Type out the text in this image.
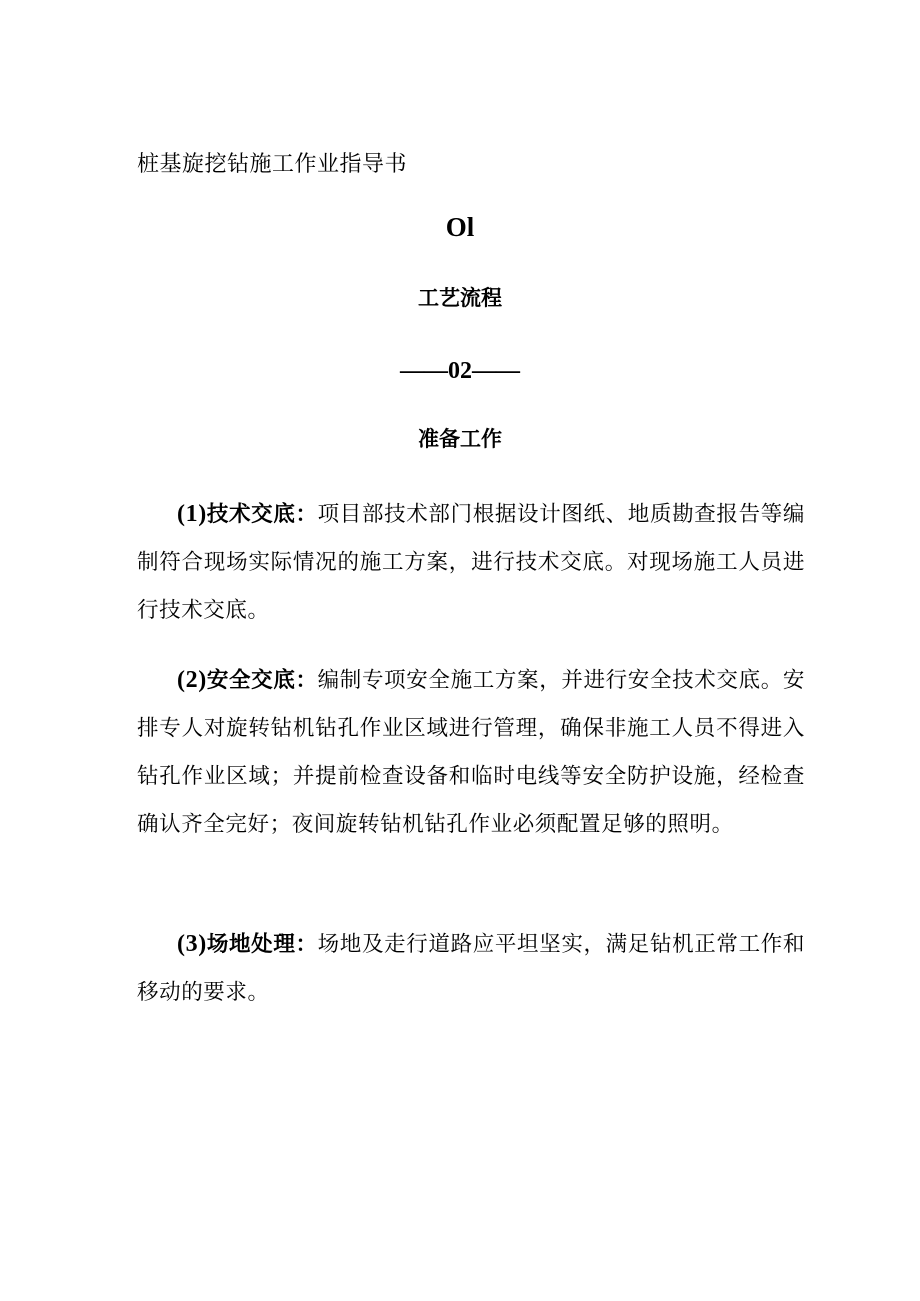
桩基旋挖钻施工作业指导书
Ol
工艺流程
——02——
准备工作

(1)技术交底：项目部技术部门根据设计图纸、地质勘查报告等编制符合现场实际情况的施工方案，进行技术交底。对现场施工人员进行技术交底。

(2)安全交底：编制专项安全施工方案，并进行安全技术交底。安排专人对旋转钻机钻孔作业区域进行管理，确保非施工人员不得进入钻孔作业区域；并提前检查设备和临时电线等安全防护设施，经检查确认齐全完好；夜间旋转钻机钻孔作业必须配置足够的照明。

(3)场地处理：场地及走行道路应平坦坚实，满足钻机正常工作和移动的要求。
